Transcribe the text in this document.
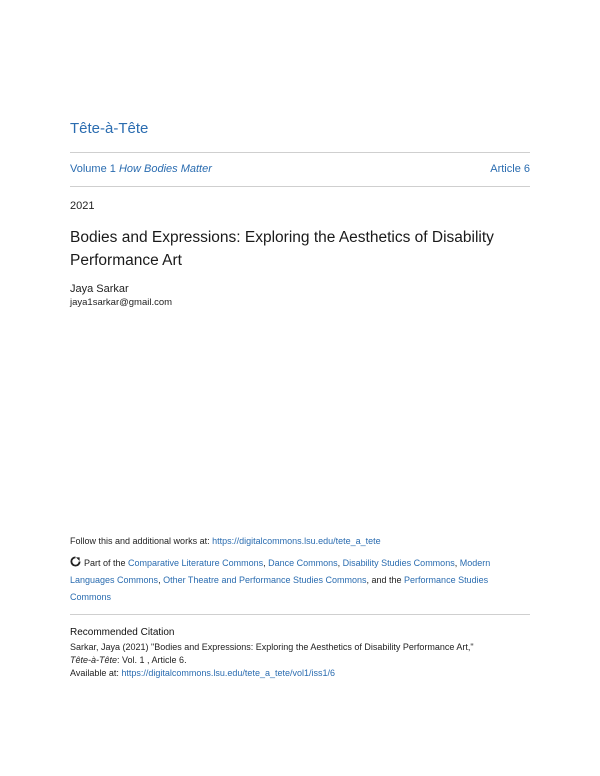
Tête-à-Tête
Volume 1 How Bodies Matter	Article 6
2021
Bodies and Expressions: Exploring the Aesthetics of Disability Performance Art
Jaya Sarkar
jaya1sarkar@gmail.com
Follow this and additional works at: https://digitalcommons.lsu.edu/tete_a_tete
Part of the Comparative Literature Commons, Dance Commons, Disability Studies Commons, Modern Languages Commons, Other Theatre and Performance Studies Commons, and the Performance Studies Commons
Recommended Citation
Sarkar, Jaya (2021) "Bodies and Expressions: Exploring the Aesthetics of Disability Performance Art,"
Tête-à-Tête: Vol. 1 , Article 6.
Available at: https://digitalcommons.lsu.edu/tete_a_tete/vol1/iss1/6
